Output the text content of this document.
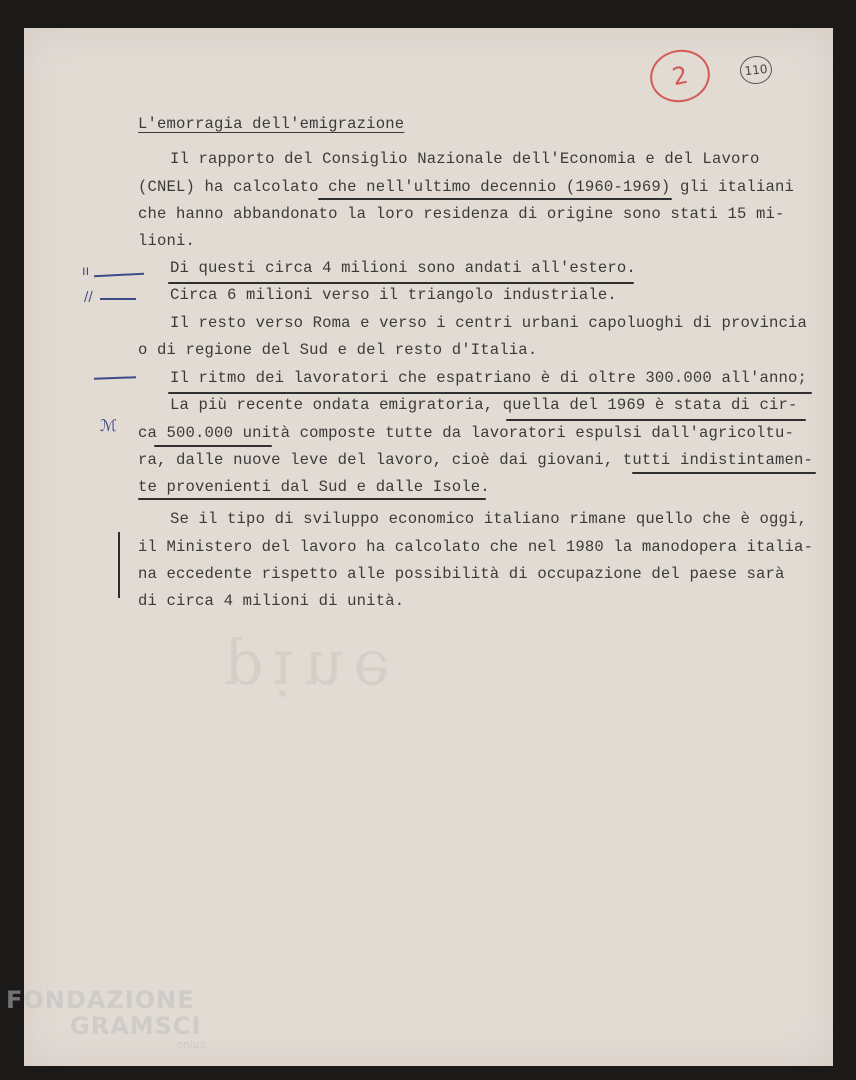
2	110
L'emorragia dell'emigrazione
Il rapporto del Consiglio Nazionale dell'Economia e del Lavoro
(CNEL) ha calcolato che nell'ultimo decennio (1960-1969) gli italiani
che hanno abbandonato la loro residenza di origine sono stati 15 mi-
lioni.
Di questi circa 4 milioni sono andati all'estero.
Circa 6 milioni verso il triangolo industriale.
Il resto verso Roma e verso i centri urbani capoluoghi di provincia
o di regione del Sud e del resto d'Italia.
Il ritmo dei lavoratori che espatriano è di oltre 300.000 all'anno;
La più recente ondata emigratoria, quella del 1969 è stata di cir-
ca 500.000 unità composte tutte da lavoratori espulsi dall'agricoltu-
ra, dalle nuove leve del lavoro, cioè dai giovani, tutti indistintamen-
te provenienti dal Sud e dalle Isole.
Se il tipo di sviluppo economico italiano rimane quello che è oggi,
il Ministero del lavoro ha calcolato che nel 1980 la manodopera italia-
na eccedente rispetto alle possibilità di occupazione del paese sarà
di circa 4 milioni di unità.
ıı
//
ℳ
ǝuᴉd
FONDAZIONE
GRAMSCI
onlus
